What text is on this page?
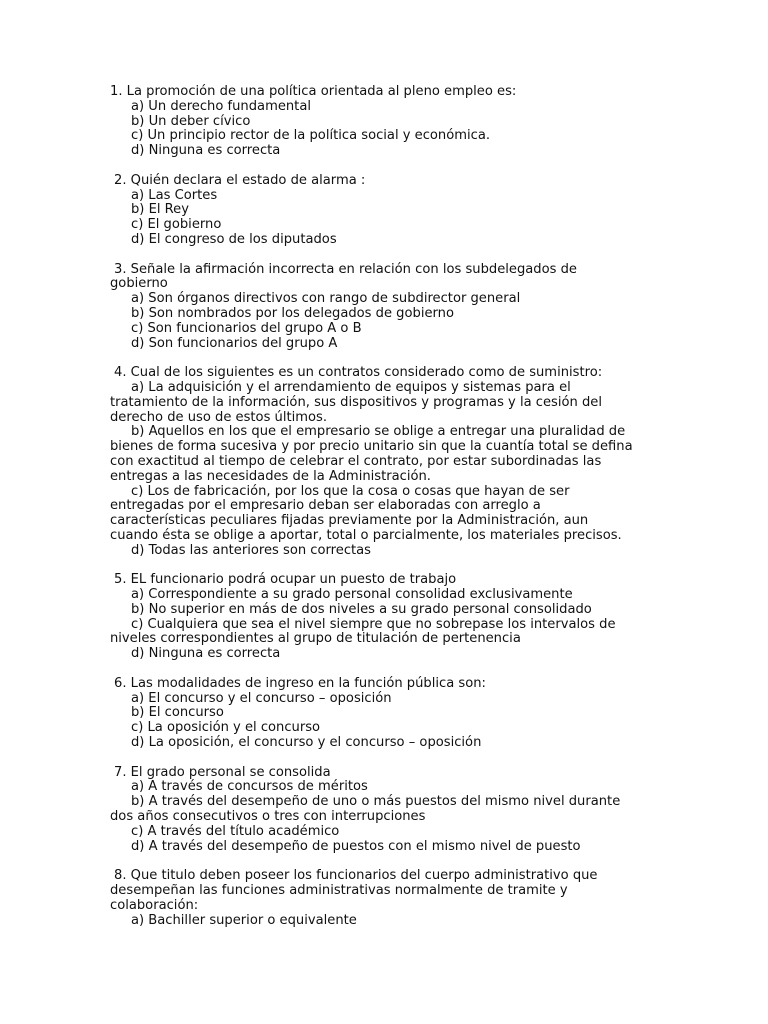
1. La promoción de una política orientada al pleno empleo es:
a) Un derecho fundamental
b) Un deber cívico
c) Un principio rector de la política social y económica.
d) Ninguna es correcta
2. Quién declara el estado de alarma :
a) Las Cortes
b) El Rey
c) El gobierno
d) El congreso de los diputados
3. Señale la afirmación incorrecta en relación con los subdelegados de
gobierno
a) Son órganos directivos con rango de subdirector general
b) Son nombrados por los delegados de gobierno
c) Son funcionarios del grupo A o B
d) Son funcionarios del grupo A
4. Cual de los siguientes es un contratos considerado como de suministro:
a) La adquisición y el arrendamiento de equipos y sistemas para el
tratamiento de la información, sus dispositivos y programas y la cesión del
derecho de uso de estos últimos.
b) Aquellos en los que el empresario se oblige a entregar una pluralidad de
bienes de forma sucesiva y por precio unitario sin que la cuantía total se defina
con exactitud al tiempo de celebrar el contrato, por estar subordinadas las
entregas a las necesidades de la Administración.
c) Los de fabricación, por los que la cosa o cosas que hayan de ser
entregadas por el empresario deban ser elaboradas con arreglo a
características peculiares fijadas previamente por la Administración, aun
cuando ésta se oblige a aportar, total o parcialmente, los materiales precisos.
d) Todas las anteriores son correctas
5. EL funcionario podrá ocupar un puesto de trabajo
a) Correspondiente a su grado personal consolidad exclusivamente
b) No superior en más de dos niveles a su grado personal consolidado
c) Cualquiera que sea el nivel siempre que no sobrepase los intervalos de
niveles correspondientes al grupo de titulación de pertenencia
d) Ninguna es correcta
6. Las modalidades de ingreso en la función pública son:
a) El concurso y el concurso – oposición
b) El concurso
c) La oposición y el concurso
d) La oposición, el concurso y el concurso – oposición
7. El grado personal se consolida
a) A través de concursos de méritos
b) A través del desempeño de uno o más puestos del mismo nivel durante
dos años consecutivos o tres con interrupciones
c) A través del título académico
d) A través del desempeño de puestos con el mismo nivel de puesto
8. Que titulo deben poseer los funcionarios del cuerpo administrativo que
desempeñan las funciones administrativas normalmente de tramite y
colaboración:
a) Bachiller superior o equivalente
